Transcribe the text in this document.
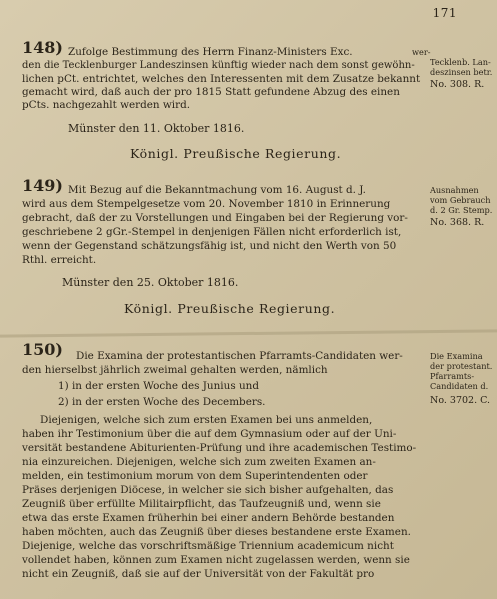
171
148) Zufolge Bestimmung des Herrn Finanz-Ministers Exc.
den die Tecklenburger Landeszinsen künftig wieder nach dem sonst gewöhn-
lichen pCt. entrichtet, welches den Interessenten mit dem Zusatze bekannt
gemacht wird, daß auch der pro 1815 Statt gefundene Abzug des einen
pCts. nachgezahlt werden wird.
wer-
Tecklenb. Lan-
deszinsen betr.
No. 308. R.
Münster den 11. Oktober 1816.
Königl. Preußische Regierung.
149) Mit Bezug auf die Bekanntmachung vom 16. August d. J.
wird aus dem Stempelgesetze vom 20. November 1810 in Erinnerung
gebracht, daß der zu Vorstellungen und Eingaben bei der Regierung vor-
geschriebene 2 gGr.-Stempel in denjenigen Fällen nicht erforderlich ist,
wenn der Gegenstand schätzungsfähig ist, und nicht den Werth von 50
Rthl. erreicht.
Ausnahmen
vom Gebrauch
d. 2 Gr. Stemp.
No. 368. R.
Münster den 25. Oktober 1816.
Königl. Preußische Regierung.
150) Die Examina der protestantischen Pfarramts-Candidaten wer-
den hierselbst jährlich zweimal gehalten werden, nämlich
1) in der ersten Woche des Junius und
2) in der ersten Woche des Decembers.
Diejenigen, welche sich zum ersten Examen bei uns anmelden,
haben ihr Testimonium über die auf dem Gymnasium oder auf der Uni-
versität bestandene Abiturienten-Prüfung und ihre academischen Testimo-
nia einzureichen. Diejenigen, welche sich zum zweiten Examen an-
melden, ein testimonium morum von dem Superintendenten oder
Präses derjenigen Diöcese, in welcher sie sich bisher aufgehalten, das
Zeugniß über erfüllte Militairpflicht, das Taufzeugniß und, wenn sie
etwa das erste Examen früherhin bei einer andern Behörde bestanden
haben möchten, auch das Zeugniß über dieses bestandene erste Examen.
Diejenige, welche das vorschriftsmäßige Triennium academicum nicht
vollendet haben, können zum Examen nicht zugelassen werden, wenn sie
nicht ein Zeugniß, daß sie auf der Universität von der Fakultät pro
Die Examina
der protestant.
Pfarramts-
Candidaten d.
No. 3702. C.
